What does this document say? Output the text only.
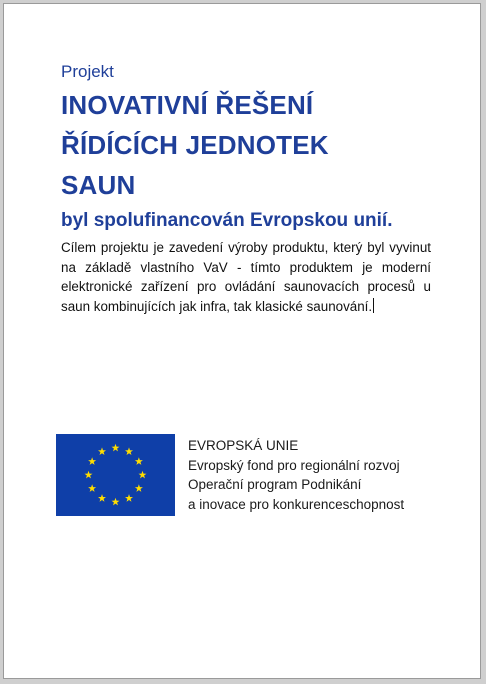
Projekt

INOVATIVNÍ ŘEŠENÍ
ŘÍDÍCÍCH JEDNOTEK
SAUN
byl spolufinancován Evropskou unií.

Cílem projektu je zavedení výroby produktu, který byl vyvinut na základě vlastního VaV - tímto produktem je moderní elektronické zařízení pro ovládání saunovacích procesů u saun kombinujících jak infra, tak klasické saunování.

EVROPSKÁ UNIE
Evropský fond pro regionální rozvoj
Operační program Podnikání
a inovace pro konkurenceschopnost
